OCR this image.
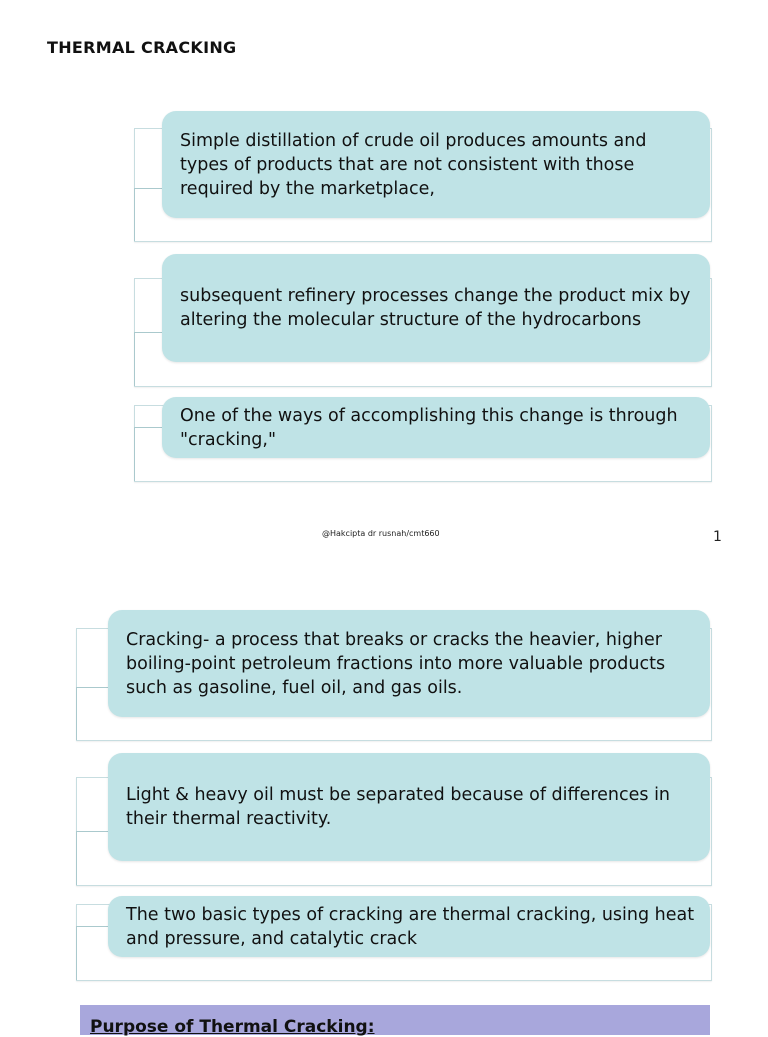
THERMAL CRACKING
Simple distillation of crude oil produces amounts and types of products that are not consistent with those required by the marketplace,
subsequent refinery processes change the product mix by altering the molecular structure of the hydrocarbons
One of the ways of accomplishing this change is through "cracking,"
@Hakcipta dr rusnah/cmt660	1
Cracking- a process that breaks or cracks the heavier, higher boiling-point petroleum fractions into more valuable products such as gasoline, fuel oil, and gas oils.
Light & heavy oil must be separated because of differences in their thermal reactivity.
The two basic types of cracking are thermal cracking, using heat and pressure, and catalytic crack
Purpose of Thermal Cracking:
